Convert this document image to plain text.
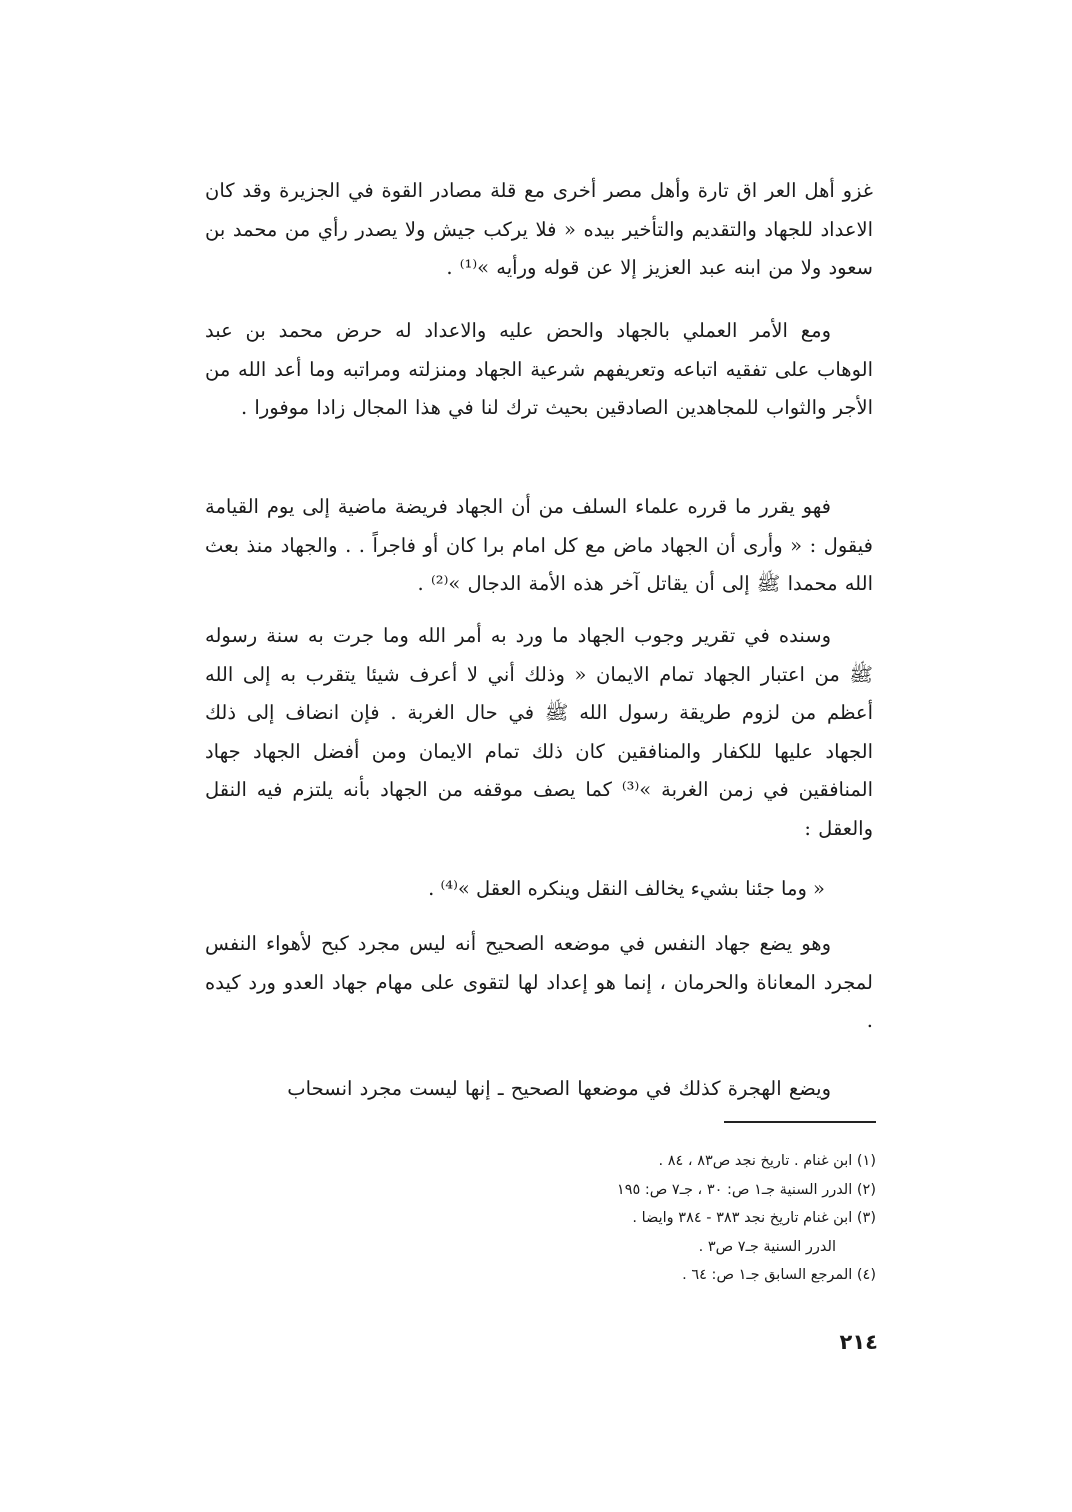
غزو أهل العر اق تارة وأهل مصر أخرى مع قلة مصادر القوة في الجزيرة وقد كان الاعداد للجهاد والتقديم والتأخير بيده « فلا يركب جيش ولا يصدر رأي من محمد بن سعود ولا من ابنه عبد العزيز إلا عن قوله ورأيه »⁽¹⁾ .

ومع الأمر العملي بالجهاد والحض عليه والاعداد له حرض محمد بن عبد الوهاب على تفقيه اتباعه وتعريفهم شرعية الجهاد ومنزلته ومراتبه وما أعد الله من الأجر والثواب للمجاهدين الصادقين بحيث ترك لنا في هذا المجال زادا موفورا .

فهو يقرر ما قرره علماء السلف من أن الجهاد فريضة ماضية إلى يوم القيامة فيقول : « وأرى أن الجهاد ماض مع كل امام برا كان أو فاجراً . . والجهاد منذ بعث الله محمدا ﷺ إلى أن يقاتل آخر هذه الأمة الدجال »⁽²⁾ .

وسنده في تقرير وجوب الجهاد ما ورد به أمر الله وما جرت به سنة رسوله ﷺ من اعتبار الجهاد تمام الايمان « وذلك أني لا أعرف شيئا يتقرب به إلى الله أعظم من لزوم طريقة رسول الله ﷺ في حال الغربة . فإن انضاف إلى ذلك الجهاد عليها للكفار والمنافقين كان ذلك تمام الايمان ومن أفضل الجهاد جهاد المنافقين في زمن الغربة »⁽³⁾ كما يصف موقفه من الجهاد بأنه يلتزم فيه النقل والعقل :

« وما جئنا بشيء يخالف النقل وينكره العقل »⁽⁴⁾ .

وهو يضع جهاد النفس في موضعه الصحيح أنه ليس مجرد كبح لأهواء النفس لمجرد المعاناة والحرمان ، إنما هو إعداد لها لتقوى على مهام جهاد العدو ورد كيده .

ويضع الهجرة كذلك في موضعها الصحيح ـ إنها ليست مجرد انسحاب

(١) ابن غنام . تاريخ نجد ص٨٣ ، ٨٤ .
(٢) الدرر السنية جـ١ ص: ٣٠ ، جـ٧ ص: ١٩٥
(٣) ابن غنام تاريخ نجد ٣٨٣ - ٣٨٤ وايضا .
الدرر السنية جـ٧ ص٣ .
(٤) المرجع السابق جـ١ ص: ٦٤ .
٢١٤
